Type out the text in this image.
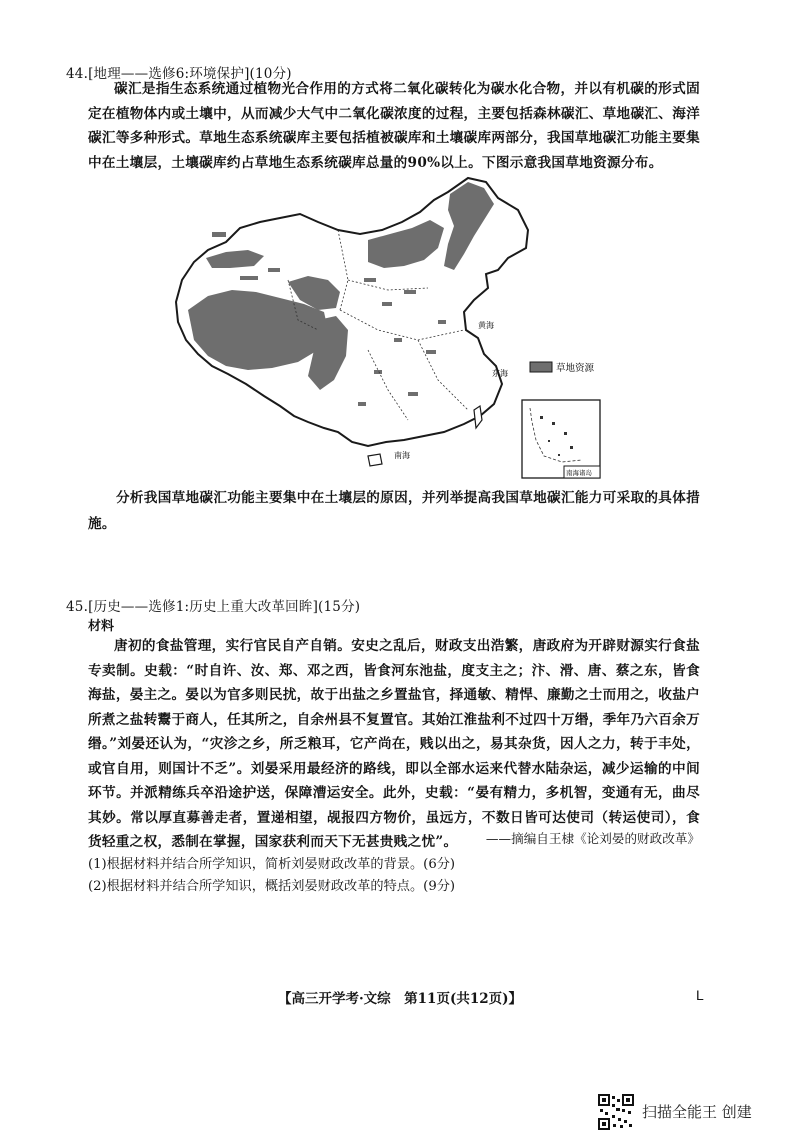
44.[地理——选修6:环境保护](10分)

碳汇是指生态系统通过植物光合作用的方式将二氧化碳转化为碳水化合物，并以有机碳的形式固定在植物体内或土壤中，从而减少大气中二氧化碳浓度的过程，主要包括森林碳汇、草地碳汇、海洋碳汇等多种形式。草地生态系统碳库主要包括植被碳库和土壤碳库两部分，我国草地碳汇功能主要集中在土壤层，土壤碳库约占草地生态系统碳库总量的90%以上。下图示意我国草地资源分布。

黄海
东海
南海
草地资源
南海诸岛

分析我国草地碳汇功能主要集中在土壤层的原因，并列举提高我国草地碳汇能力可采取的具体措施。

45.[历史——选修1:历史上重大改革回眸](15分)
材料

唐初的食盐管理，实行官民自产自销。安史之乱后，财政支出浩繁，唐政府为开辟财源实行食盐专卖制。史载：“时自许、汝、郑、邓之西，皆食河东池盐，度支主之；汴、滑、唐、蔡之东，皆食海盐，晏主之。晏以为官多则民扰，故于出盐之乡置盐官，择通敏、精悍、廉勤之士而用之，收盐户所煮之盐转鬻于商人，任其所之，自余州县不复置官。其始江淮盐利不过四十万缗，季年乃六百余万缗。”刘晏还认为，“灾沴之乡，所乏粮耳，它产尚在，贱以出之，易其杂货，因人之力，转于丰处，或官自用，则国计不乏”。刘晏采用最经济的路线，即以全部水运来代替水陆杂运，减少运输的中间环节。并派精练兵卒沿途护送，保障漕运安全。此外，史载：“晏有精力，多机智，变通有无，曲尽其妙。常以厚直募善走者，置递相望，觇报四方物价，虽远方，不数日皆可达使司（转运使司），食货轻重之权，悉制在掌握，国家获利而天下无甚贵贱之忧”。	——摘编自王棣《论刘晏的财政改革》
(1)根据材料并结合所学知识，简析刘晏财政改革的背景。(6分)
(2)根据材料并结合所学知识，概括刘晏财政改革的特点。(9分)
【高三开学考·文综　第11页(共12页)】	L
扫描全能王 创建
